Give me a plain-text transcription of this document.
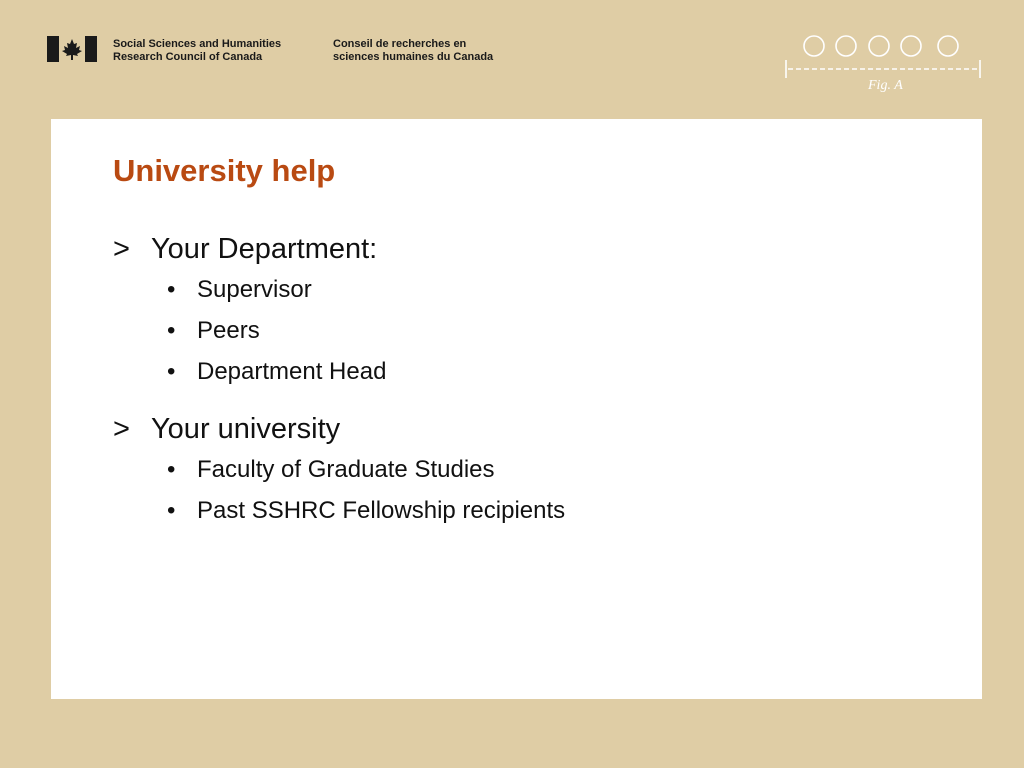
Social Sciences and Humanities
Research Council of Canada
Conseil de recherches en
sciences humaines du Canada
Fig. A
University help
> Your Department:
• Supervisor
• Peers
• Department Head
> Your university
• Faculty of Graduate Studies
• Past SSHRC Fellowship recipients
